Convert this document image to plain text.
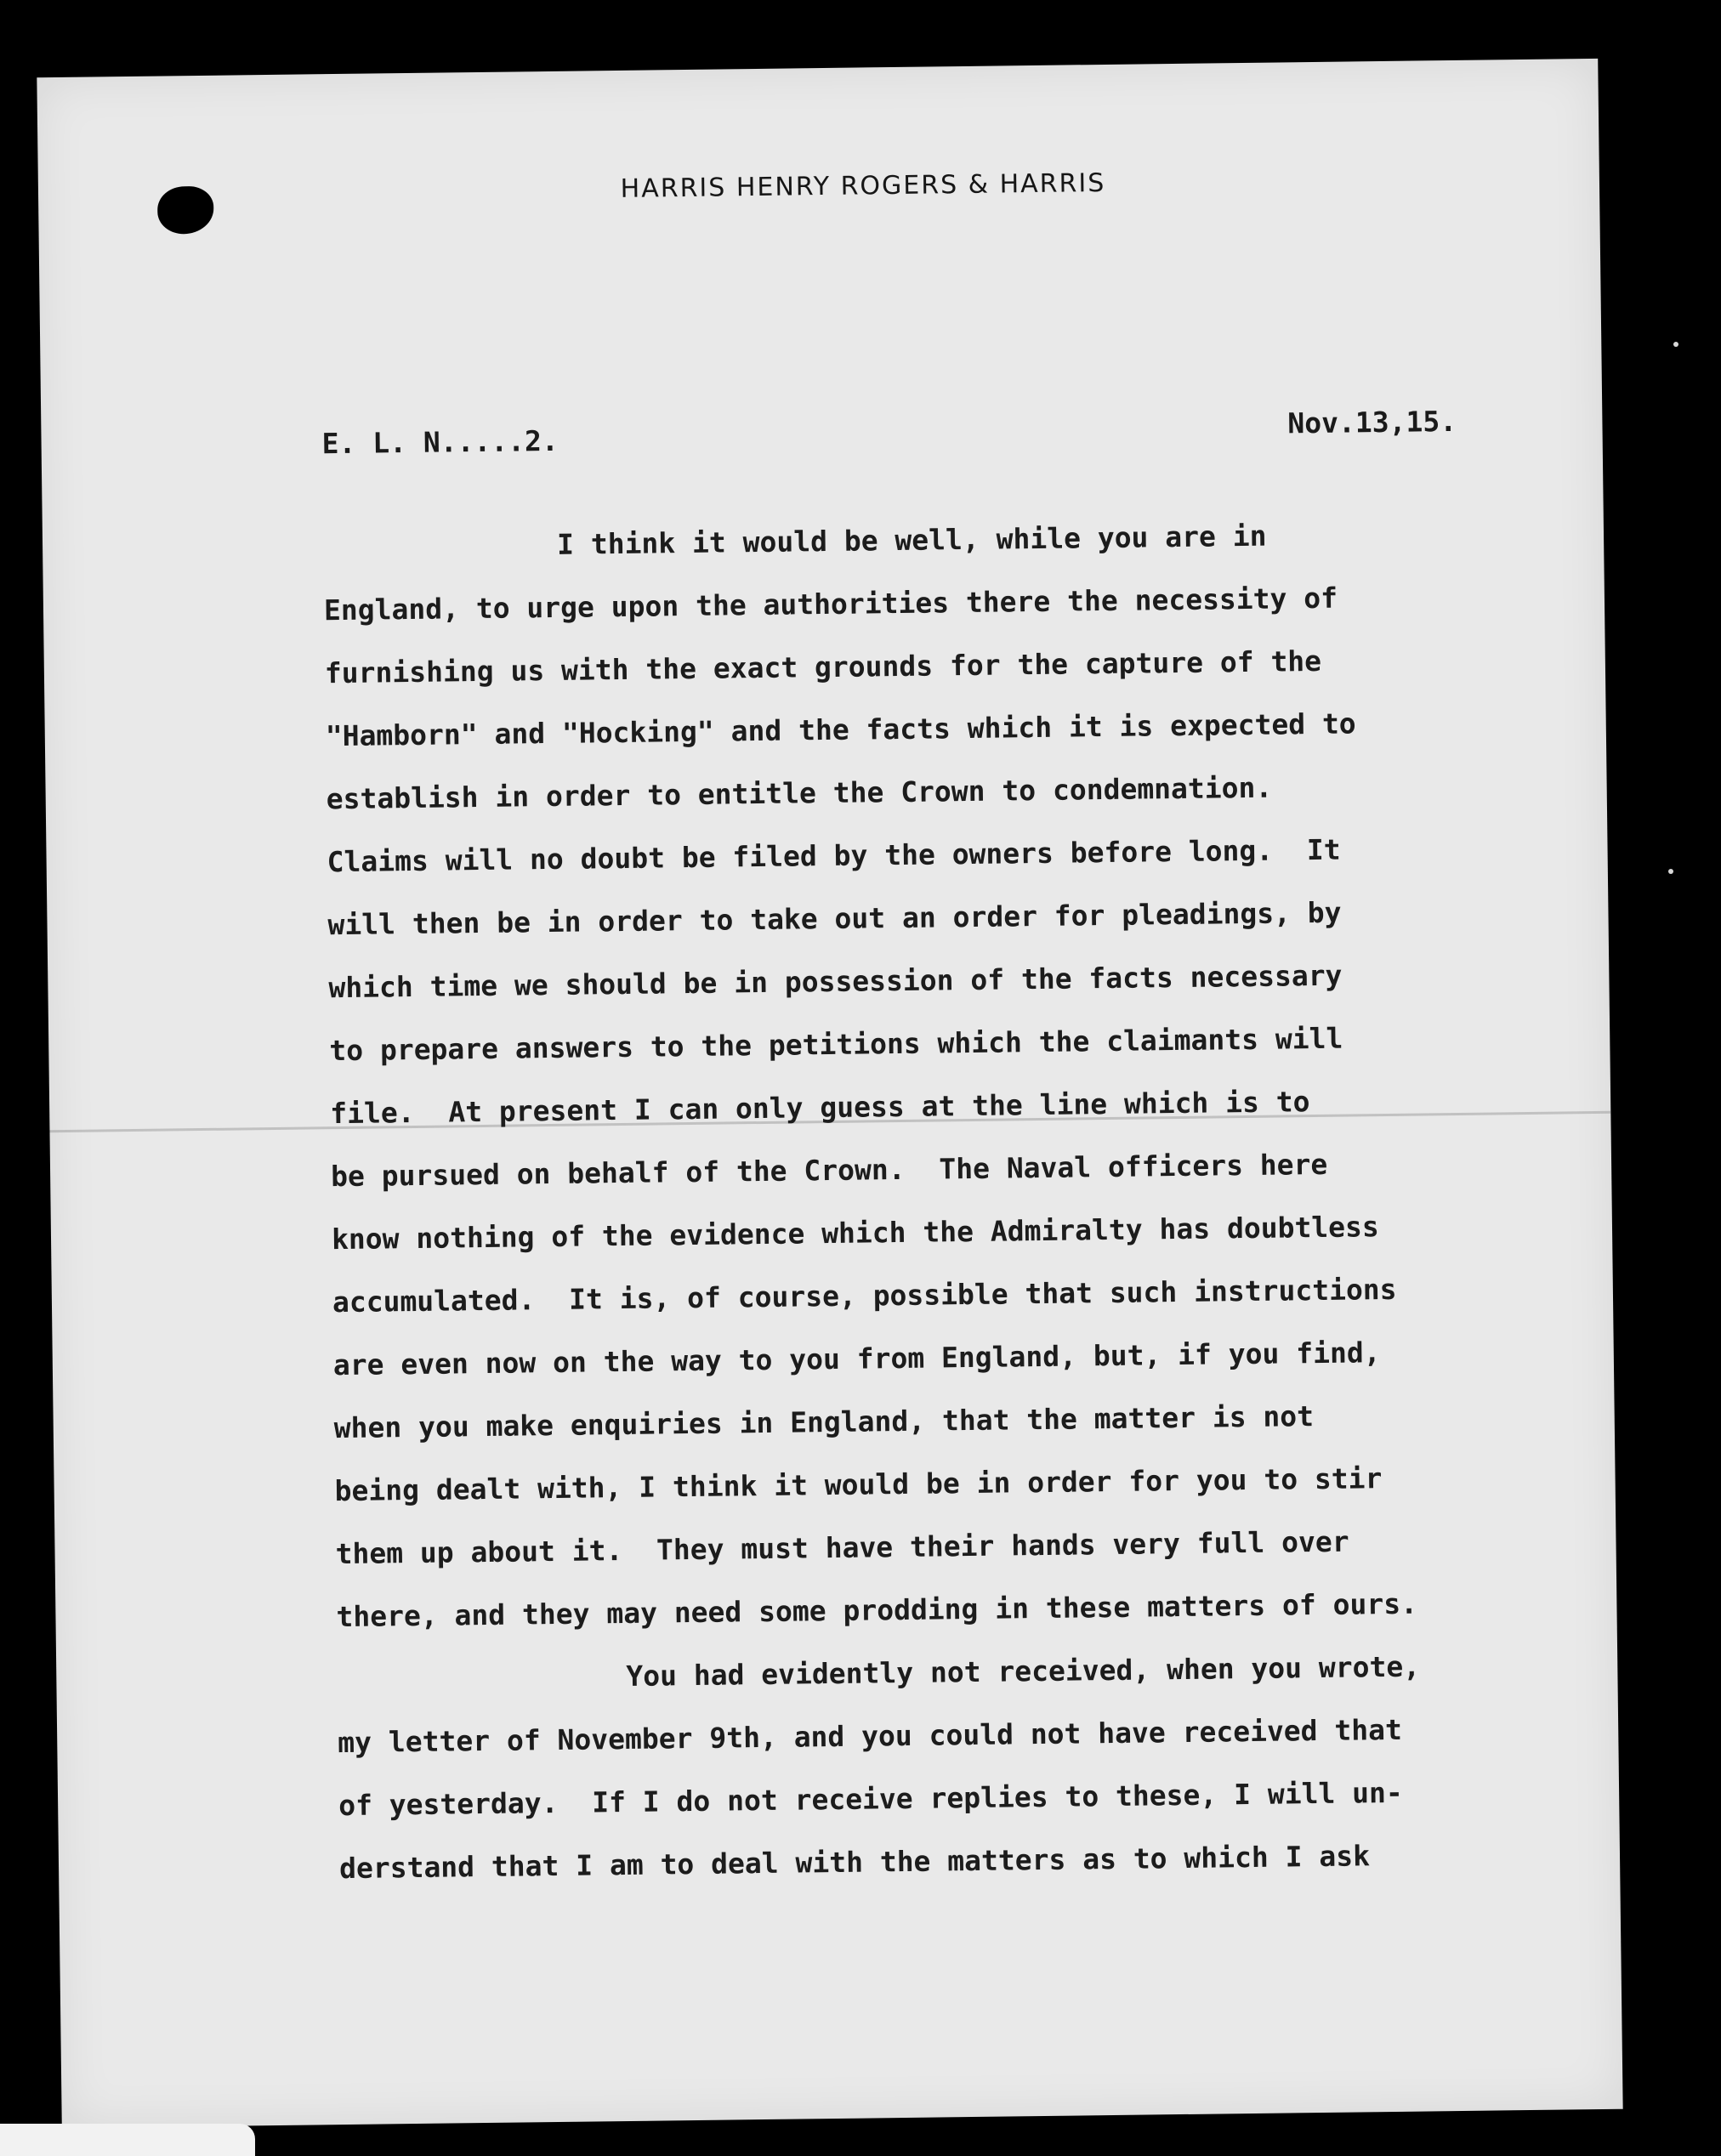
HARRIS HENRY ROGERS & HARRIS
E. L. N.....2.
Nov.13,15.
I think it would be well, while you are in
England, to urge upon the authorities there the necessity of
furnishing us with the exact grounds for the capture of the
"Hamborn" and "Hocking" and the facts which it is expected to
establish in order to entitle the Crown to condemnation.
Claims will no doubt be filed by the owners before long.  It
will then be in order to take out an order for pleadings, by
which time we should be in possession of the facts necessary
to prepare answers to the petitions which the claimants will
file.  At present I can only guess at the line which is to
be pursued on behalf of the Crown.  The Naval officers here
know nothing of the evidence which the Admiralty has doubtless
accumulated.  It is, of course, possible that such instructions
are even now on the way to you from England, but, if you find,
when you make enquiries in England, that the matter is not
being dealt with, I think it would be in order for you to stir
them up about it.  They must have their hands very full over
there, and they may need some prodding in these matters of ours.
You had evidently not received, when you wrote,
my letter of November 9th, and you could not have received that
of yesterday.  If I do not receive replies to these, I will un-
derstand that I am to deal with the matters as to which I ask
